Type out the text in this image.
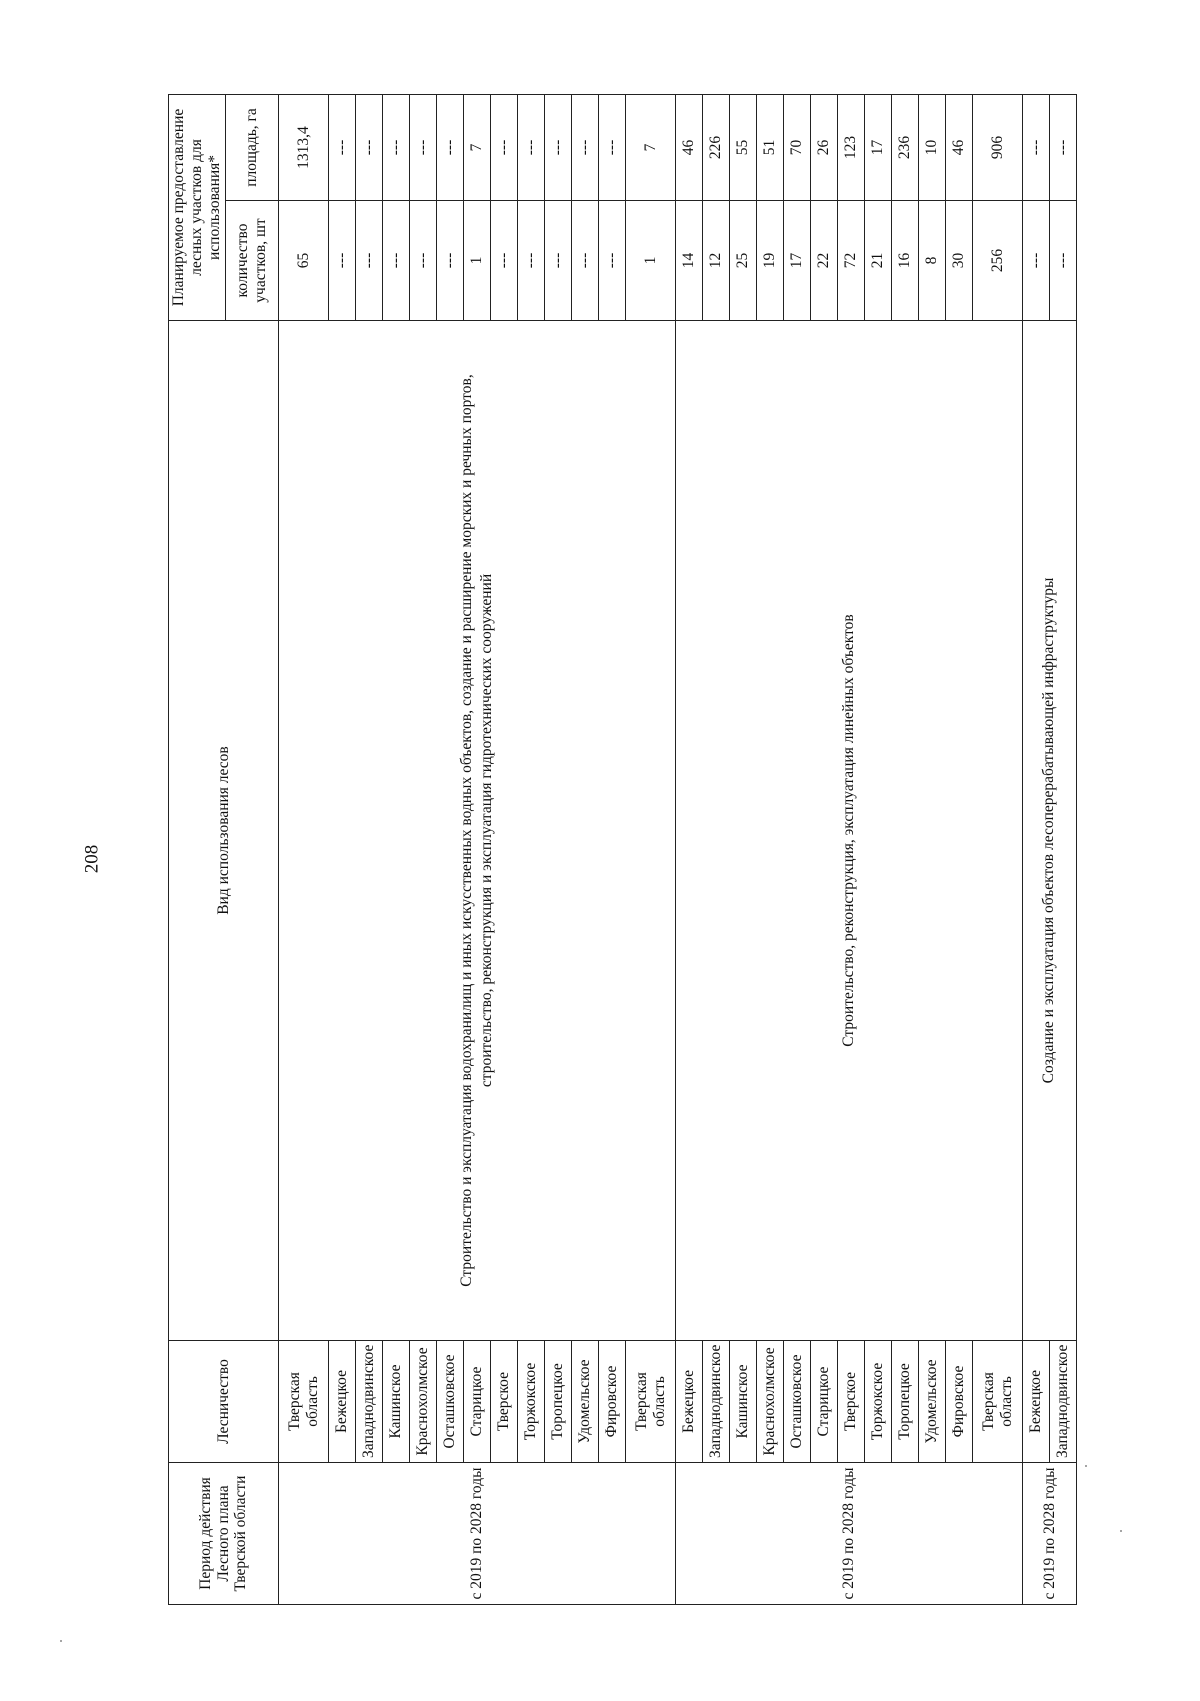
208
Период действия Лесного плана Тверской области	Лесничество	Вид использования лесов	Планируемое предоставление лесных участков для использования*	
			количество участков, шт	площадь, га
с 2019 по 2028 годы	Тверская область	Строительство и эксплуатация водохранилищ и иных искусственных водных объектов, создание и расширение морских и речных портов, строительство, реконструкция и эксплуатация гидротехнических сооружений	65	1313,4
	Бежецкое		---	---
	Западнодвинское		---	---
	Кашинское		---	---
	Краснохолмское		---	---
	Осташковское		---	---
	Старицкое		1	7
	Тверское		---	---
	Торжокское		---	---
	Торопецкое		---	---
	Удомельское		---	---
	Фировское		---	---
	Тверская область		1	7
с 2019 по 2028 годы	Бежецкое	Строительство, реконструкция, эксплуатация линейных объектов	14	46
	Западнодвинское		12	226
	Кашинское		25	55
	Краснохолмское		19	51
	Осташковское		17	70
	Старицкое		22	26
	Тверское		72	123
	Торжокское		21	17
	Торопецкое		16	236
	Удомельское		8	10
	Фировское		30	46
	Тверская область		256	906
с 2019 по 2028 годы	Бежецкое	Создание и эксплуатация объектов лесоперерабатывающей инфраструктуры	---	---
	Западнодвинское		---	---
